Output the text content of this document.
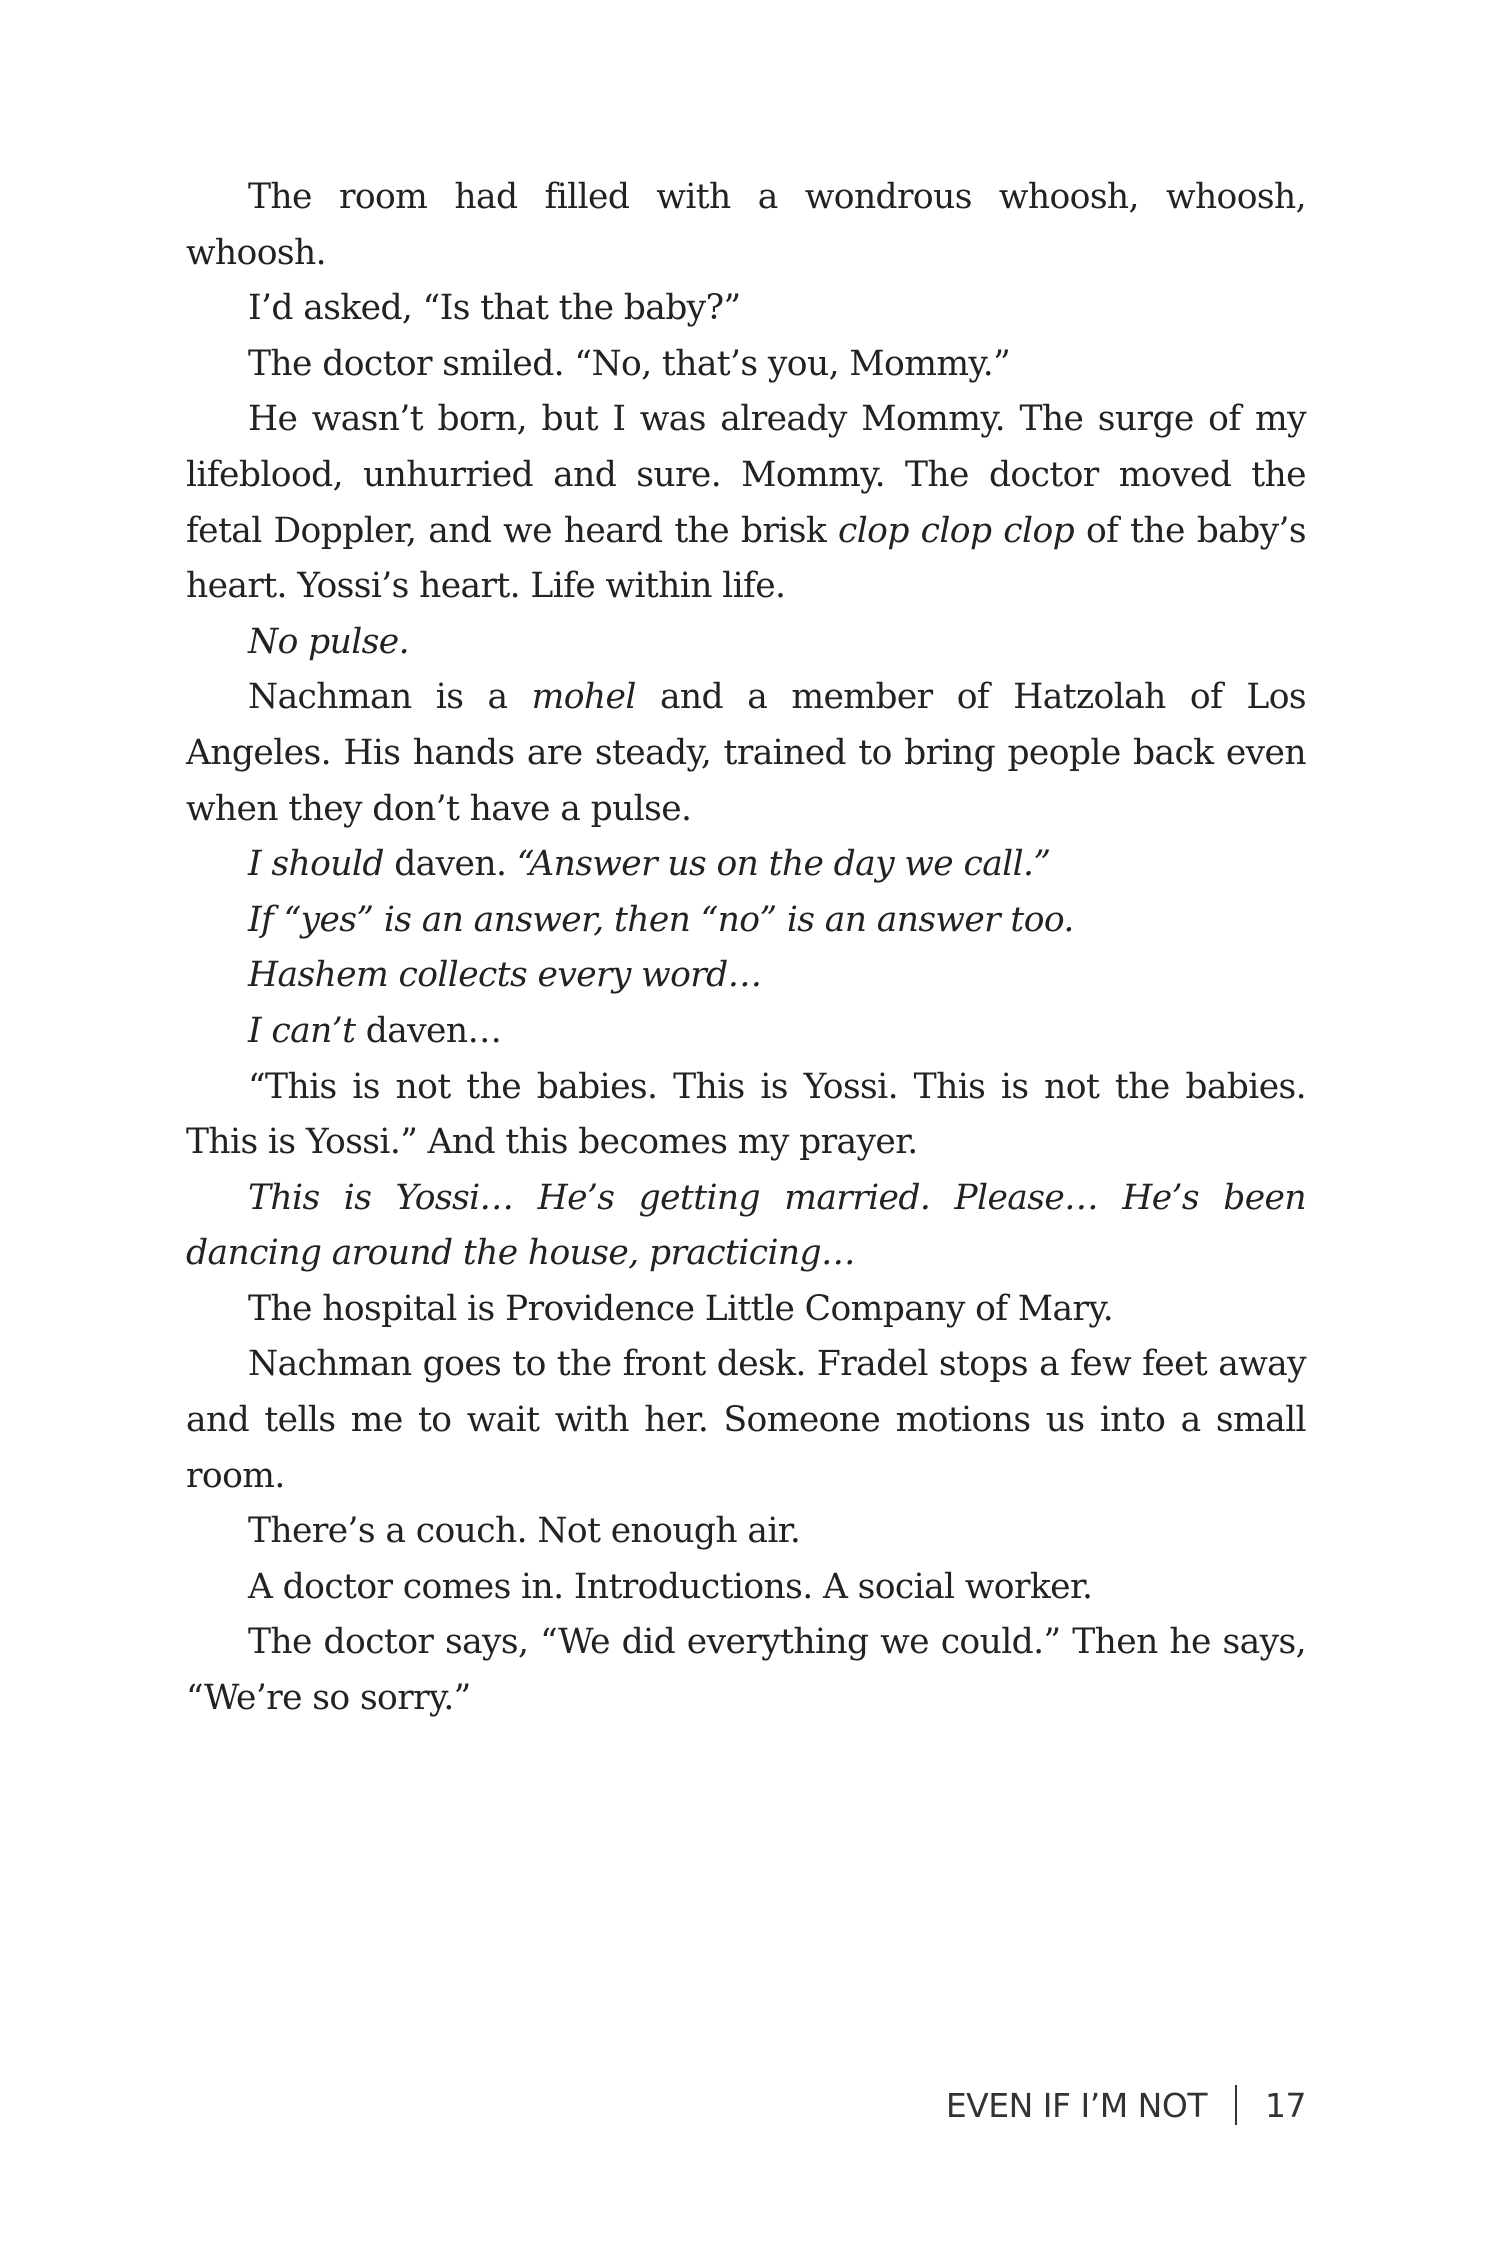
The room had filled with a wondrous whoosh, whoosh, whoosh.

I’d asked, “Is that the baby?”

The doctor smiled. “No, that’s you, Mommy.”

He wasn’t born, but I was already Mommy. The surge of my lifeblood, unhurried and sure. Mommy. The doctor moved the fetal Doppler, and we heard the brisk clop clop clop of the baby’s heart. Yossi’s heart. Life within life.

No pulse.

Nachman is a mohel and a member of Hatzolah of Los Angeles. His hands are steady, trained to bring people back even when they don’t have a pulse.

I should daven. “Answer us on the day we call.”

If “yes” is an answer, then “no” is an answer too.

Hashem collects every word…

I can’t daven…

“This is not the babies. This is Yossi. This is not the babies. This is Yossi.” And this becomes my prayer.

This is Yossi… He’s getting married. Please… He’s been dancing around the house, practicing…

The hospital is Providence Little Company of Mary.

Nachman goes to the front desk. Fradel stops a few feet away and tells me to wait with her. Someone motions us into a small room.

There’s a couch. Not enough air.

A doctor comes in. Introductions. A social worker.

The doctor says, “We did everything we could.” Then he says, “We’re so sorry.”

EVEN IF I’M NOT 17
